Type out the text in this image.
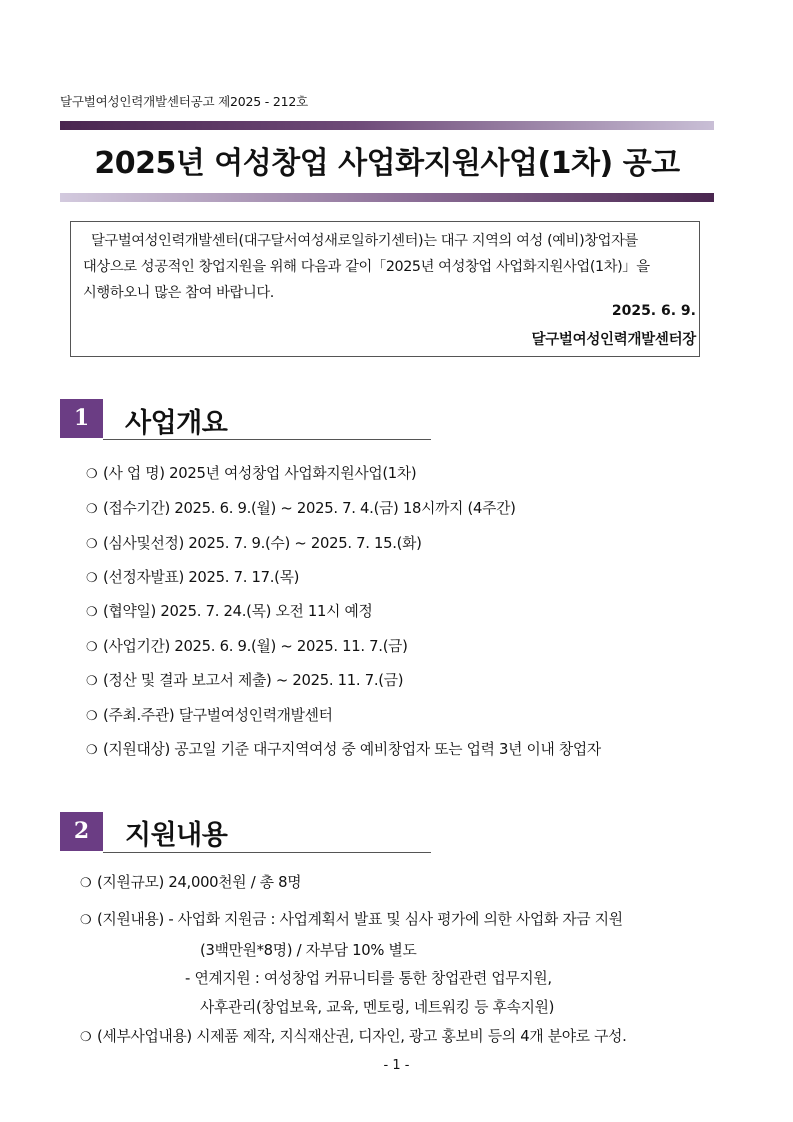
달구벌여성인력개발센터공고 제2025 - 212호
2025년 여성창업 사업화지원사업(1차) 공고
달구벌여성인력개발센터(대구달서여성새로일하기센터)는 대구 지역의 여성 (예비)창업자를
대상으로 성공적인 창업지원을 위해 다음과 같이「2025년 여성창업 사업화지원사업(1차)」을
시행하오니 많은 참여 바랍니다.
2025. 6. 9.
달구벌여성인력개발센터장
1	사업개요
❍ (사 업 명) 2025년 여성창업 사업화지원사업(1차)
❍ (접수기간) 2025. 6. 9.(월) ~ 2025. 7. 4.(금) 18시까지 (4주간)
❍ (심사및선정) 2025. 7. 9.(수) ~ 2025. 7. 15.(화)
❍ (선정자발표) 2025. 7. 17.(목)
❍ (협약일) 2025. 7. 24.(목) 오전 11시 예정
❍ (사업기간) 2025. 6. 9.(월) ~ 2025. 11. 7.(금)
❍ (정산 및 결과 보고서 제출) ~ 2025. 11. 7.(금)
❍ (주최.주관) 달구벌여성인력개발센터
❍ (지원대상) 공고일 기준 대구지역여성 중 예비창업자 또는 업력 3년 이내 창업자
2	지원내용
❍ (지원규모) 24,000천원 / 총 8명
❍ (지원내용) - 사업화 지원금 : 사업계획서 발표 및 심사 평가에 의한 사업화 자금 지원
(3백만원*8명) / 자부담 10% 별도
- 연계지원 : 여성창업 커뮤니티를 통한 창업관련 업무지원,
사후관리(창업보육, 교육, 멘토링, 네트워킹 등 후속지원)
❍ (세부사업내용) 시제품 제작, 지식재산권, 디자인, 광고 홍보비 등의 4개 분야로 구성.
- 1 -
